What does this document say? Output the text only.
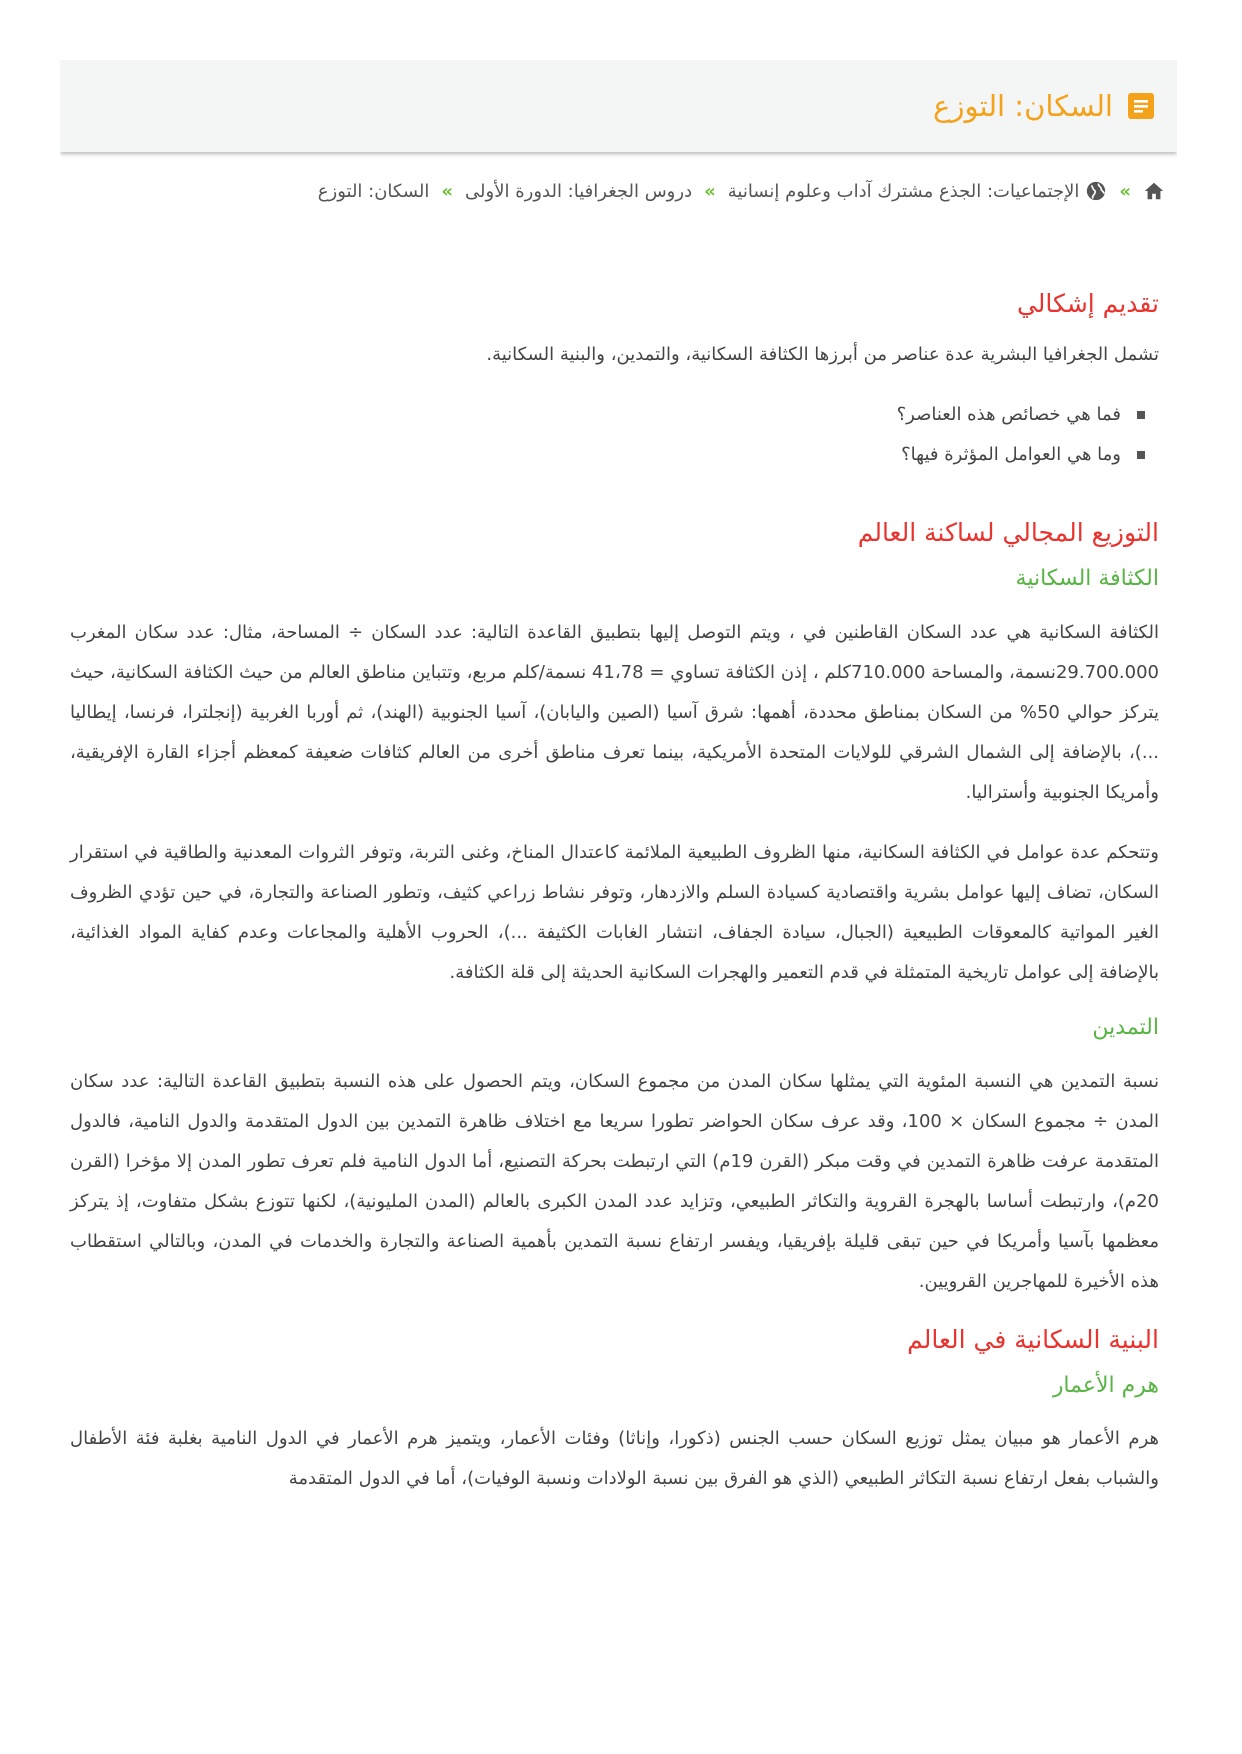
السكان: التوزع
»
الإجتماعيات: الجذع مشترك آداب وعلوم إنسانية
»
دروس الجغرافيا: الدورة الأولى
»
السكان: التوزع
تقديم إشكالي

تشمل الجغرافيا البشرية عدة عناصر من أبرزها الكثافة السكانية، والتمدين، والبنية السكانية.

فما هي خصائص هذه العناصر؟
وما هي العوامل المؤثرة فيها؟
التوزيع المجالي لساكنة العالم
الكثافة السكانية

الكثافة السكانية هي عدد السكان القاطنين في ، ويتم التوصل إليها بتطبيق القاعدة التالية: عدد السكان ÷ المساحة، مثال: عدد سكان المغرب 29.700.000نسمة، والمساحة 710.000كلم ، إذن الكثافة تساوي = 41،78 نسمة/كلم مربع، وتتباين مناطق العالم من حيث الكثافة السكانية، حيث يتركز حوالي 50% من السكان بمناطق محددة، أهمها: شرق آسيا (الصين واليابان)، آسيا الجنوبية (الهند)، ثم أوربا الغربية (إنجلترا، فرنسا، إيطاليا ...)، بالإضافة إلى الشمال الشرقي للولايات المتحدة الأمريكية، بينما تعرف مناطق أخرى من العالم كثافات ضعيفة كمعظم أجزاء القارة الإفريقية، وأمريكا الجنوبية وأستراليا.

وتتحكم عدة عوامل في الكثافة السكانية، منها الظروف الطبيعية الملائمة كاعتدال المناخ، وغنى التربة، وتوفر الثروات المعدنية والطاقية في استقرار السكان، تضاف إليها عوامل بشرية واقتصادية كسيادة السلم والازدهار، وتوفر نشاط زراعي كثيف، وتطور الصناعة والتجارة، في حين تؤدي الظروف الغير المواتية كالمعوقات الطبيعية (الجبال، سيادة الجفاف، انتشار الغابات الكثيفة ...)، الحروب الأهلية والمجاعات وعدم كفاية المواد الغذائية، بالإضافة إلى عوامل تاريخية المتمثلة في قدم التعمير والهجرات السكانية الحديثة إلى قلة الكثافة.

التمدين

نسبة التمدين هي النسبة المئوية التي يمثلها سكان المدن من مجموع السكان، ويتم الحصول على هذه النسبة بتطبيق القاعدة التالية: عدد سكان المدن ÷ مجموع السكان × 100، وقد عرف سكان الحواضر تطورا سريعا مع اختلاف ظاهرة التمدين بين الدول المتقدمة والدول النامية، فالدول المتقدمة عرفت ظاهرة التمدين في وقت مبكر (القرن 19م) التي ارتبطت بحركة التصنيع، أما الدول النامية فلم تعرف تطور المدن إلا مؤخرا (القرن 20م)، وارتبطت أساسا بالهجرة القروية والتكاثر الطبيعي، وتزايد عدد المدن الكبرى بالعالم (المدن المليونية)، لكنها تتوزع بشكل متفاوت، إذ يتركز معظمها بآسيا وأمريكا في حين تبقى قليلة بإفريقيا، ويفسر ارتفاع نسبة التمدين بأهمية الصناعة والتجارة والخدمات في المدن، وبالتالي استقطاب هذه الأخيرة للمهاجرين القرويين.

البنية السكانية في العالم
هرم الأعمار

هرم الأعمار هو مبيان يمثل توزيع السكان حسب الجنس (ذكورا، وإناثا) وفئات الأعمار، ويتميز هرم الأعمار في الدول النامية بغلبة فئة الأطفال والشباب بفعل ارتفاع نسبة التكاثر الطبيعي (الذي هو الفرق بين نسبة الولادات ونسبة الوفيات)، أما في الدول المتقدمة
